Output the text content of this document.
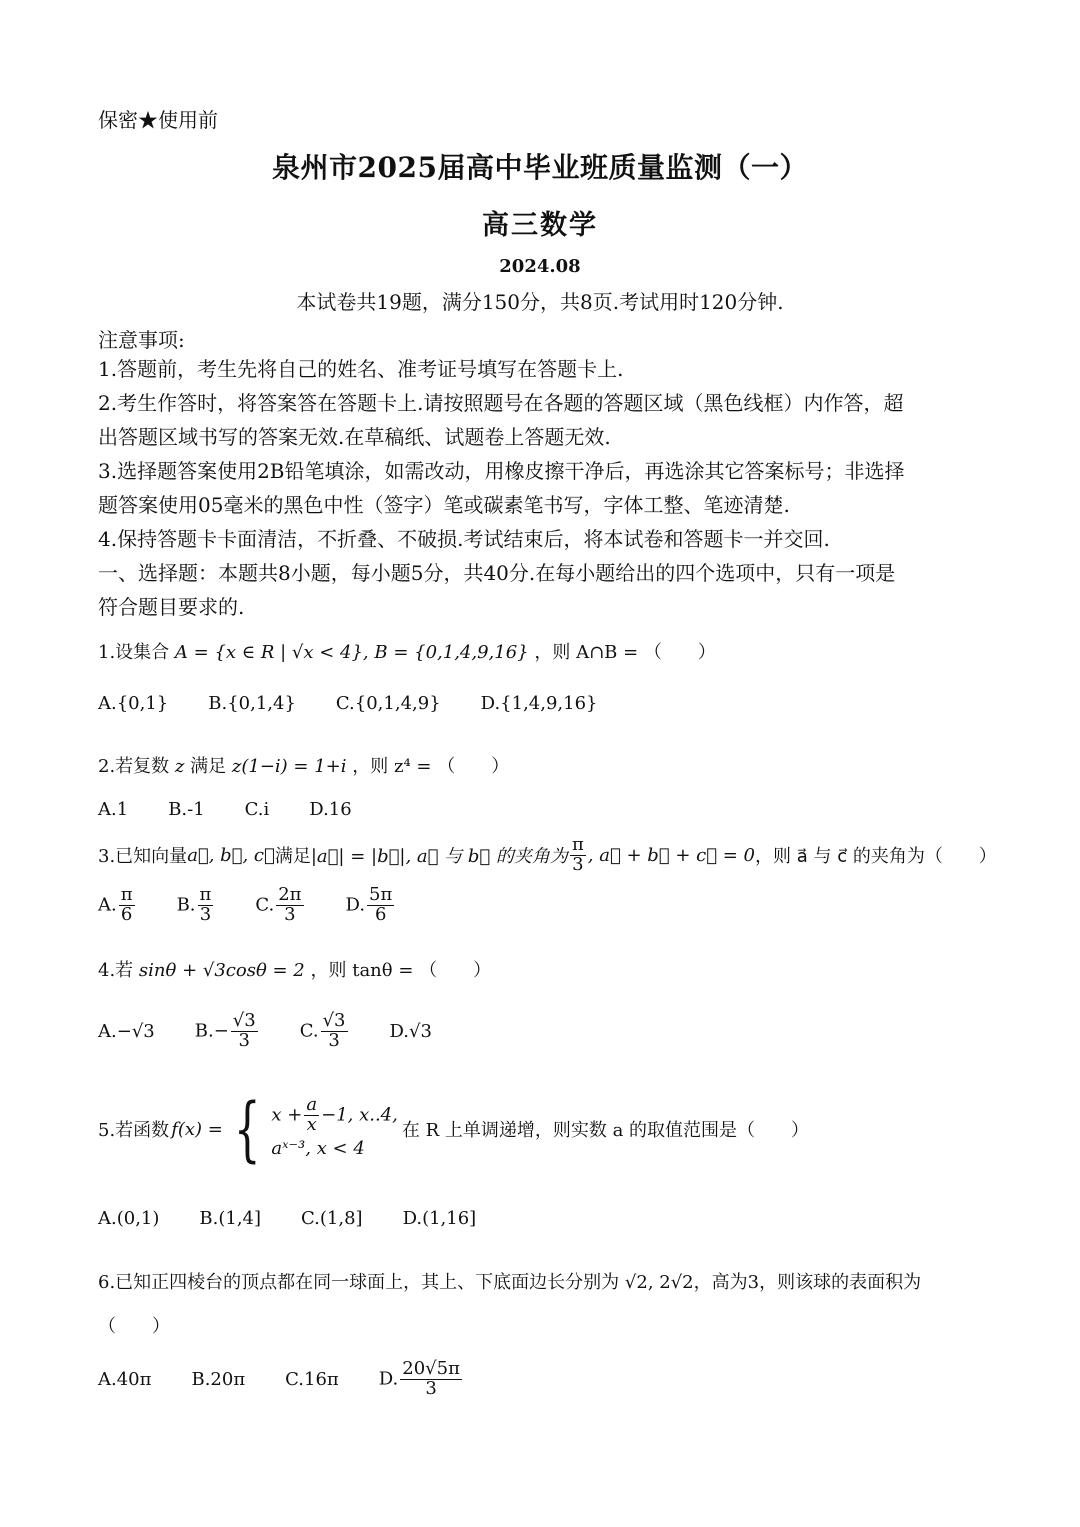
保密★使用前
泉州市2025届高中毕业班质量监测（一）
高三数学
2024.08
本试卷共19题，满分150分，共8页.考试用时120分钟.
注意事项:
1.答题前，考生先将自己的姓名、准考证号填写在答题卡上.
2.考生作答时，将答案答在答题卡上.请按照题号在各题的答题区域（黑色线框）内作答，超
出答题区域书写的答案无效.在草稿纸、试题卷上答题无效.
3.选择题答案使用2B铅笔填涂，如需改动，用橡皮擦干净后，再选涂其它答案标号；非选择
题答案使用05毫米的黑色中性（签字）笔或碳素笔书写，字体工整、笔迹清楚.
4.保持答题卡卡面清洁，不折叠、不破损.考试结束后，将本试卷和答题卡一并交回.
一、选择题：本题共8小题，每小题5分，共40分.在每小题给出的四个选项中，只有一项是
符合题目要求的.
1.设集合 A = {x ∈ R | √x < 4}, B = {0,1,4,9,16} ，则 A∩B = （　　）
A.{0,1} B.{0,1,4} C.{0,1,4,9} D.{1,4,9,16}
2.若复数 z 满足 z(1−i) = 1+i ，则 z⁴ = （　　）
A.1 B.-1 C.i D.16
3.已知向量 a⃗, b⃗, c⃗ 满足 |a⃗| = |b⃗|, a⃗ 与 b⃗ 的夹角为 $\frac{\pi}{3}$ , a⃗ + b⃗ + c⃗ = 0 ，则 a⃗ 与 c⃗ 的夹角为（　　）
A. $\frac{\pi}{6} B$. $\frac{\pi}{3} C$. $\frac{2\pi}{3} D$. $\frac{5\pi}{6}$
4.若 sinθ + √3cosθ = 2 ，则 tanθ = （　　）
A.−√3 $B.- \frac{√3}{3} C$. $\frac{√3}{3} D.√3$
5.若函数 f(x) = { $x + \frac{a}{x} -1$, x..4,
aˣ⁻³, x < 4
在 R 上单调递增，则实数 a 的取值范围是（　　）
A.(0,1) B.(1,4] C.(1,8] D.(1,16]
6.已知正四棱台的顶点都在同一球面上，其上、下底面边长分别为 √2, 2√2，高为3，则该球的表面积为
（　　）
A.40π B.20π C.16π D. $\frac{20√5\pi}{3}$
